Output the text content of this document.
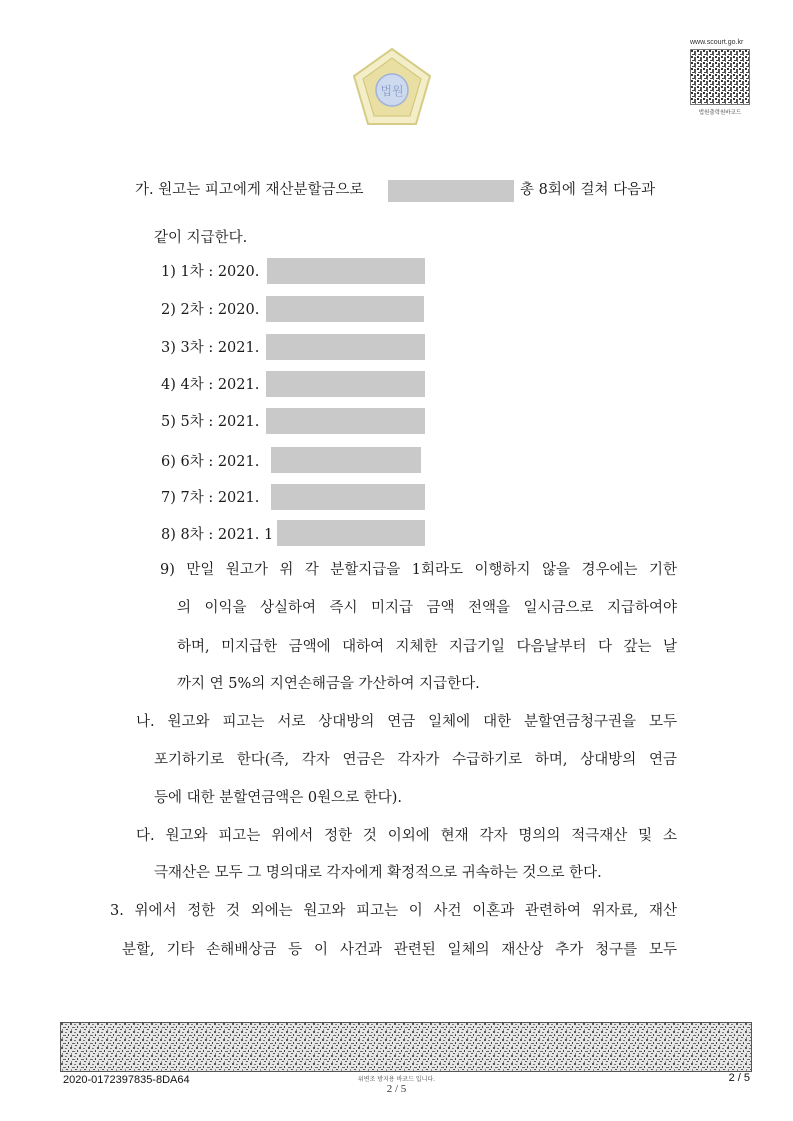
법원
www.scourt.go.kr
법원출력원바코드
가. 원고는 피고에게 재산분할금으로	총 8회에 걸쳐 다음과
같이 지급한다.
1) 1차 : 2020.
2) 2차 : 2020.
3) 3차 : 2021.
4) 4차 : 2021.
5) 5차 : 2021.
6) 6차 : 2021.
7) 7차 : 2021.
8) 8차 : 2021. 1
9) 만일 원고가 위 각 분할지급을 1회라도 이행하지 않을 경우에는 기한
의 이익을 상실하여 즉시 미지급 금액 전액을 일시금으로 지급하여야
하며, 미지급한 금액에 대하여 지체한 지급기일 다음날부터 다 갚는 날
까지 연 5%의 지연손해금을 가산하여 지급한다.
나. 원고와 피고는 서로 상대방의 연금 일체에 대한 분할연금청구권을 모두
포기하기로 한다(즉, 각자 연금은 각자가 수급하기로 하며, 상대방의 연금
등에 대한 분할연금액은 0원으로 한다).
다. 원고와 피고는 위에서 정한 것 이외에 현재 각자 명의의 적극재산 및 소
극재산은 모두 그 명의대로 각자에게 확정적으로 귀속하는 것으로 한다.
3. 위에서 정한 것 외에는 원고와 피고는 이 사건 이혼과 관련하여 위자료, 재산
분할, 기타 손해배상금 등 이 사건과 관련된 일체의 재산상 추가 청구를 모두
2020-0172397835-8DA64	위변조 방지용 바코드 입니다.
2 / 5
2 / 5
